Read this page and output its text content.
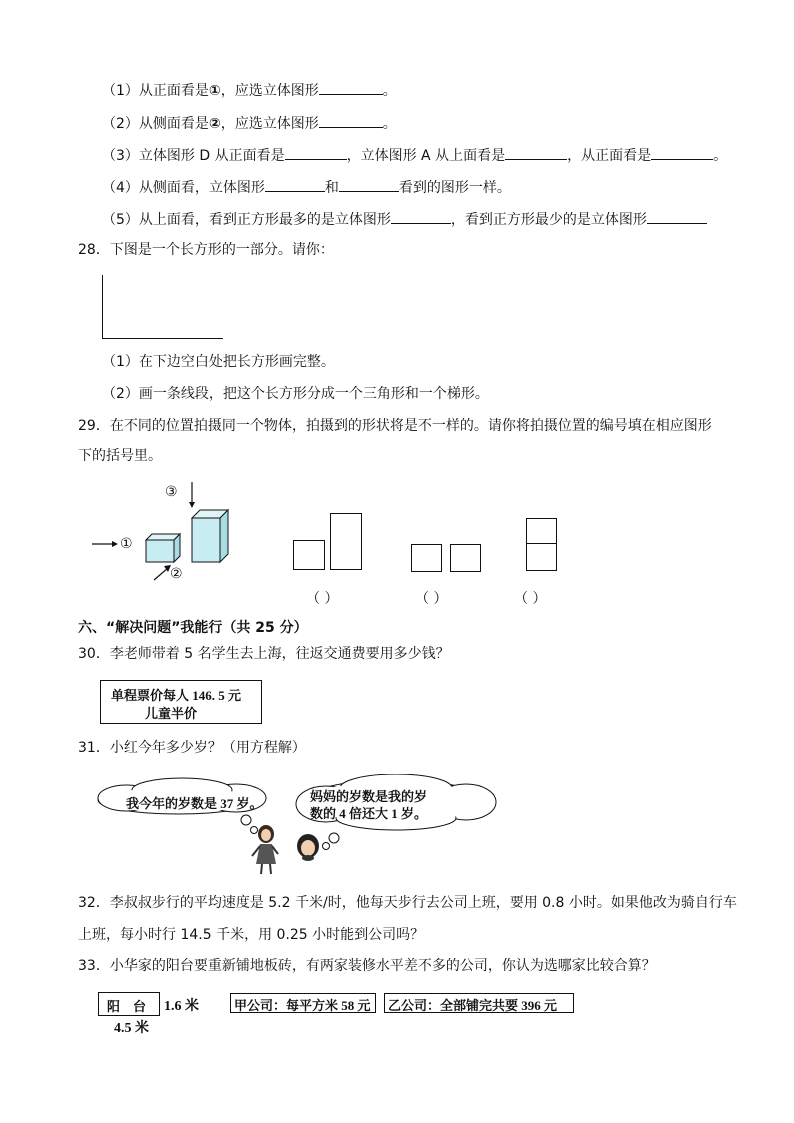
（1）从正面看是①，应选立体图形	。
（2）从侧面看是②，应选立体图形	。
（3）立体图形 D 从正面看是	，立体图形 A 从上面看是	，从正面看是	。
（4）从侧面看，立体图形	和	看到的图形一样。
（5）从上面看，看到正方形最多的是立体图形	，看到正方形最少的是立体图形
28．下图是一个长方形的一部分。请你：
（1）在下边空白处把长方形画完整。
（2）画一条线段，把这个长方形分成一个三角形和一个梯形。
29．在不同的位置拍摄同一个物体，拍摄到的形状将是不一样的。请你将拍摄位置的编号填在相应图形
下的括号里。
①
②
③
（ ）	（ ）	（ ）
六、“解决问题”我能行（共 25 分）
30．李老师带着 5 名学生去上海，往返交通费要用多少钱？
单程票价每人 146. 5 元
儿童半价
31．小红今年多少岁？（用方程解）
我今年的岁数是 37 岁。	妈妈的岁数是我的岁
数的 4 倍还大 1 岁。
32．李叔叔步行的平均速度是 5.2 千米/时，他每天步行去公司上班，要用 0.8 小时。如果他改为骑自行车
上班，每小时行 14.5 千米，用 0.25 小时能到公司吗？
33．小华家的阳台要重新铺地板砖，有两家装修水平差不多的公司，你认为选哪家比较合算？
阳　台 1.6 米
4.5 米
甲公司：每平方米 58 元 乙公司：全部铺完共要 396 元
